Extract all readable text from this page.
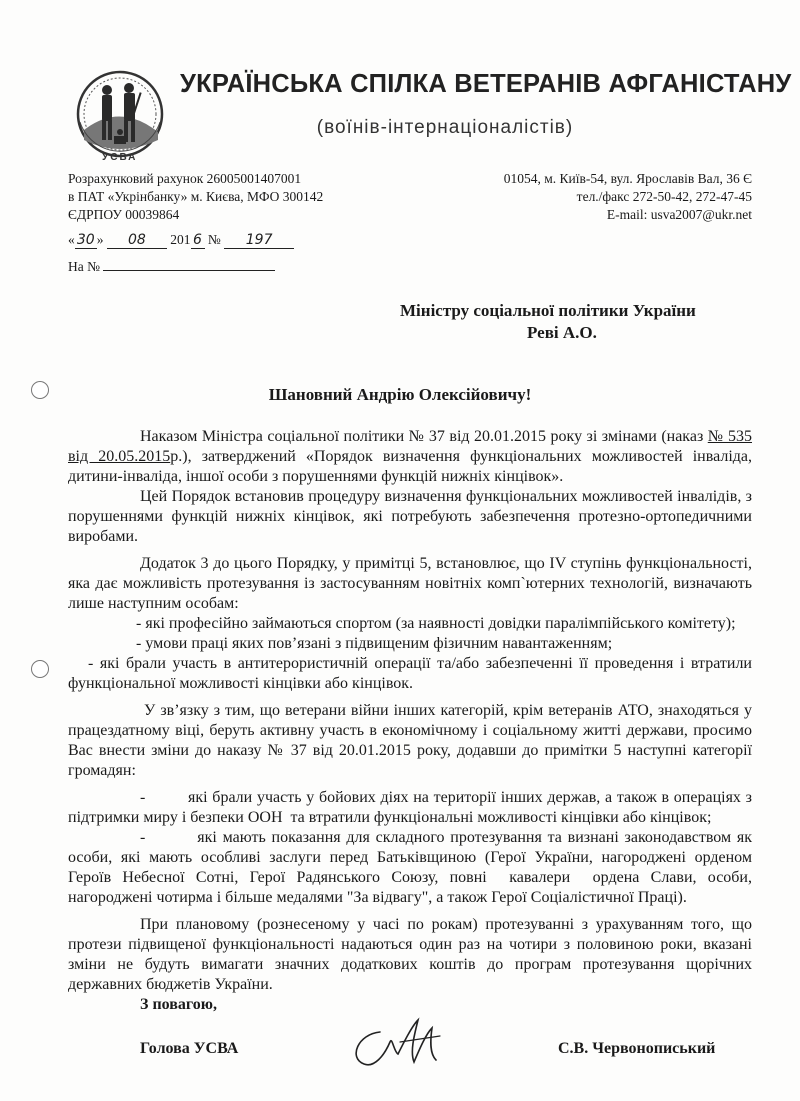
УСВА
УКРАЇНСЬКА СПІЛКА ВЕТЕРАНІВ АФГАНІСТАНУ
(воїнів-інтернаціоналістів)
Розрахунковий рахунок 26005001407001
в ПАТ «Укрінбанку» м. Києва, МФО 300142
ЄДРПОУ 00039864
01054, м. Київ-54, вул. Ярославів Вал, 36 Є
тел./факс 272-50-42, 272-47-45
E-mail: usva2007@ukr.net
« 30 » 08 201 6 № 197
На №
Міністру соціальної політики України
Реві А.О.
Шановний Андрію Олексійовичу!

Наказом Міністра соціальної політики № 37 від 20.01.2015 року зі змінами (наказ № 535 від 20.05.2015р.), затверджений «Порядок визначення функціональних можливостей інваліда, дитини-інваліда, іншої особи з порушеннями функцій нижніх кінцівок».

Цей Порядок встановив процедуру визначення функціональних можливостей інвалідів, з порушеннями функцій нижніх кінцівок, які потребують забезпечення протезно-ортопедичними виробами.

Додаток 3 до цього Порядку, у примітці 5, встановлює, що IV ступінь функціональності, яка дає можливість протезування із застосуванням новітніх комп`ютерних технологій, визначають лише наступним особам:

- які професійно займаються спортом (за наявності довідки паралімпійського комітету);

- умови праці яких пов’язані з підвищеним фізичним навантаженням;

- які брали участь в антитерористичній операції та/або забезпеченні її проведення і втратили функціональної можливості кінцівки або кінцівок.

У зв’язку з тим, що ветерани війни інших категорій, крім ветеранів АТО, знаходяться у працездатному віці, беруть активну участь в економічному і соціальному житті держави, просимо Вас внести зміни до наказу № 37 від 20.01.2015 року, додавши до примітки 5 наступні категорії громадян:

-         які брали участь у бойових діях на території інших держав, а також в операціях з підтримки миру і безпеки ООН  та втратили функціональні можливості кінцівки або кінцівок;

-         які мають показання для складного протезування та визнані законодавством як особи, які мають особливі заслуги перед Батьківщиною (Герої України, нагороджені орденом Героїв Небесної Сотні, Герої Радянського Союзу, повні  кавалери  ордена Слави, особи, нагороджені чотирма і більше медалями "За відвагу", а також Герої Соціалістичної Праці).

При плановому (рознесеному у часі по рокам) протезуванні з урахуванням того, що протези підвищеної функціональності надаються один раз на чотири з половиною роки, вказані зміни не будуть вимагати значних додаткових коштів до програм протезування щорічних державних бюджетів України.

З повагою,
Голова УСВА	С.В. Червонописький
